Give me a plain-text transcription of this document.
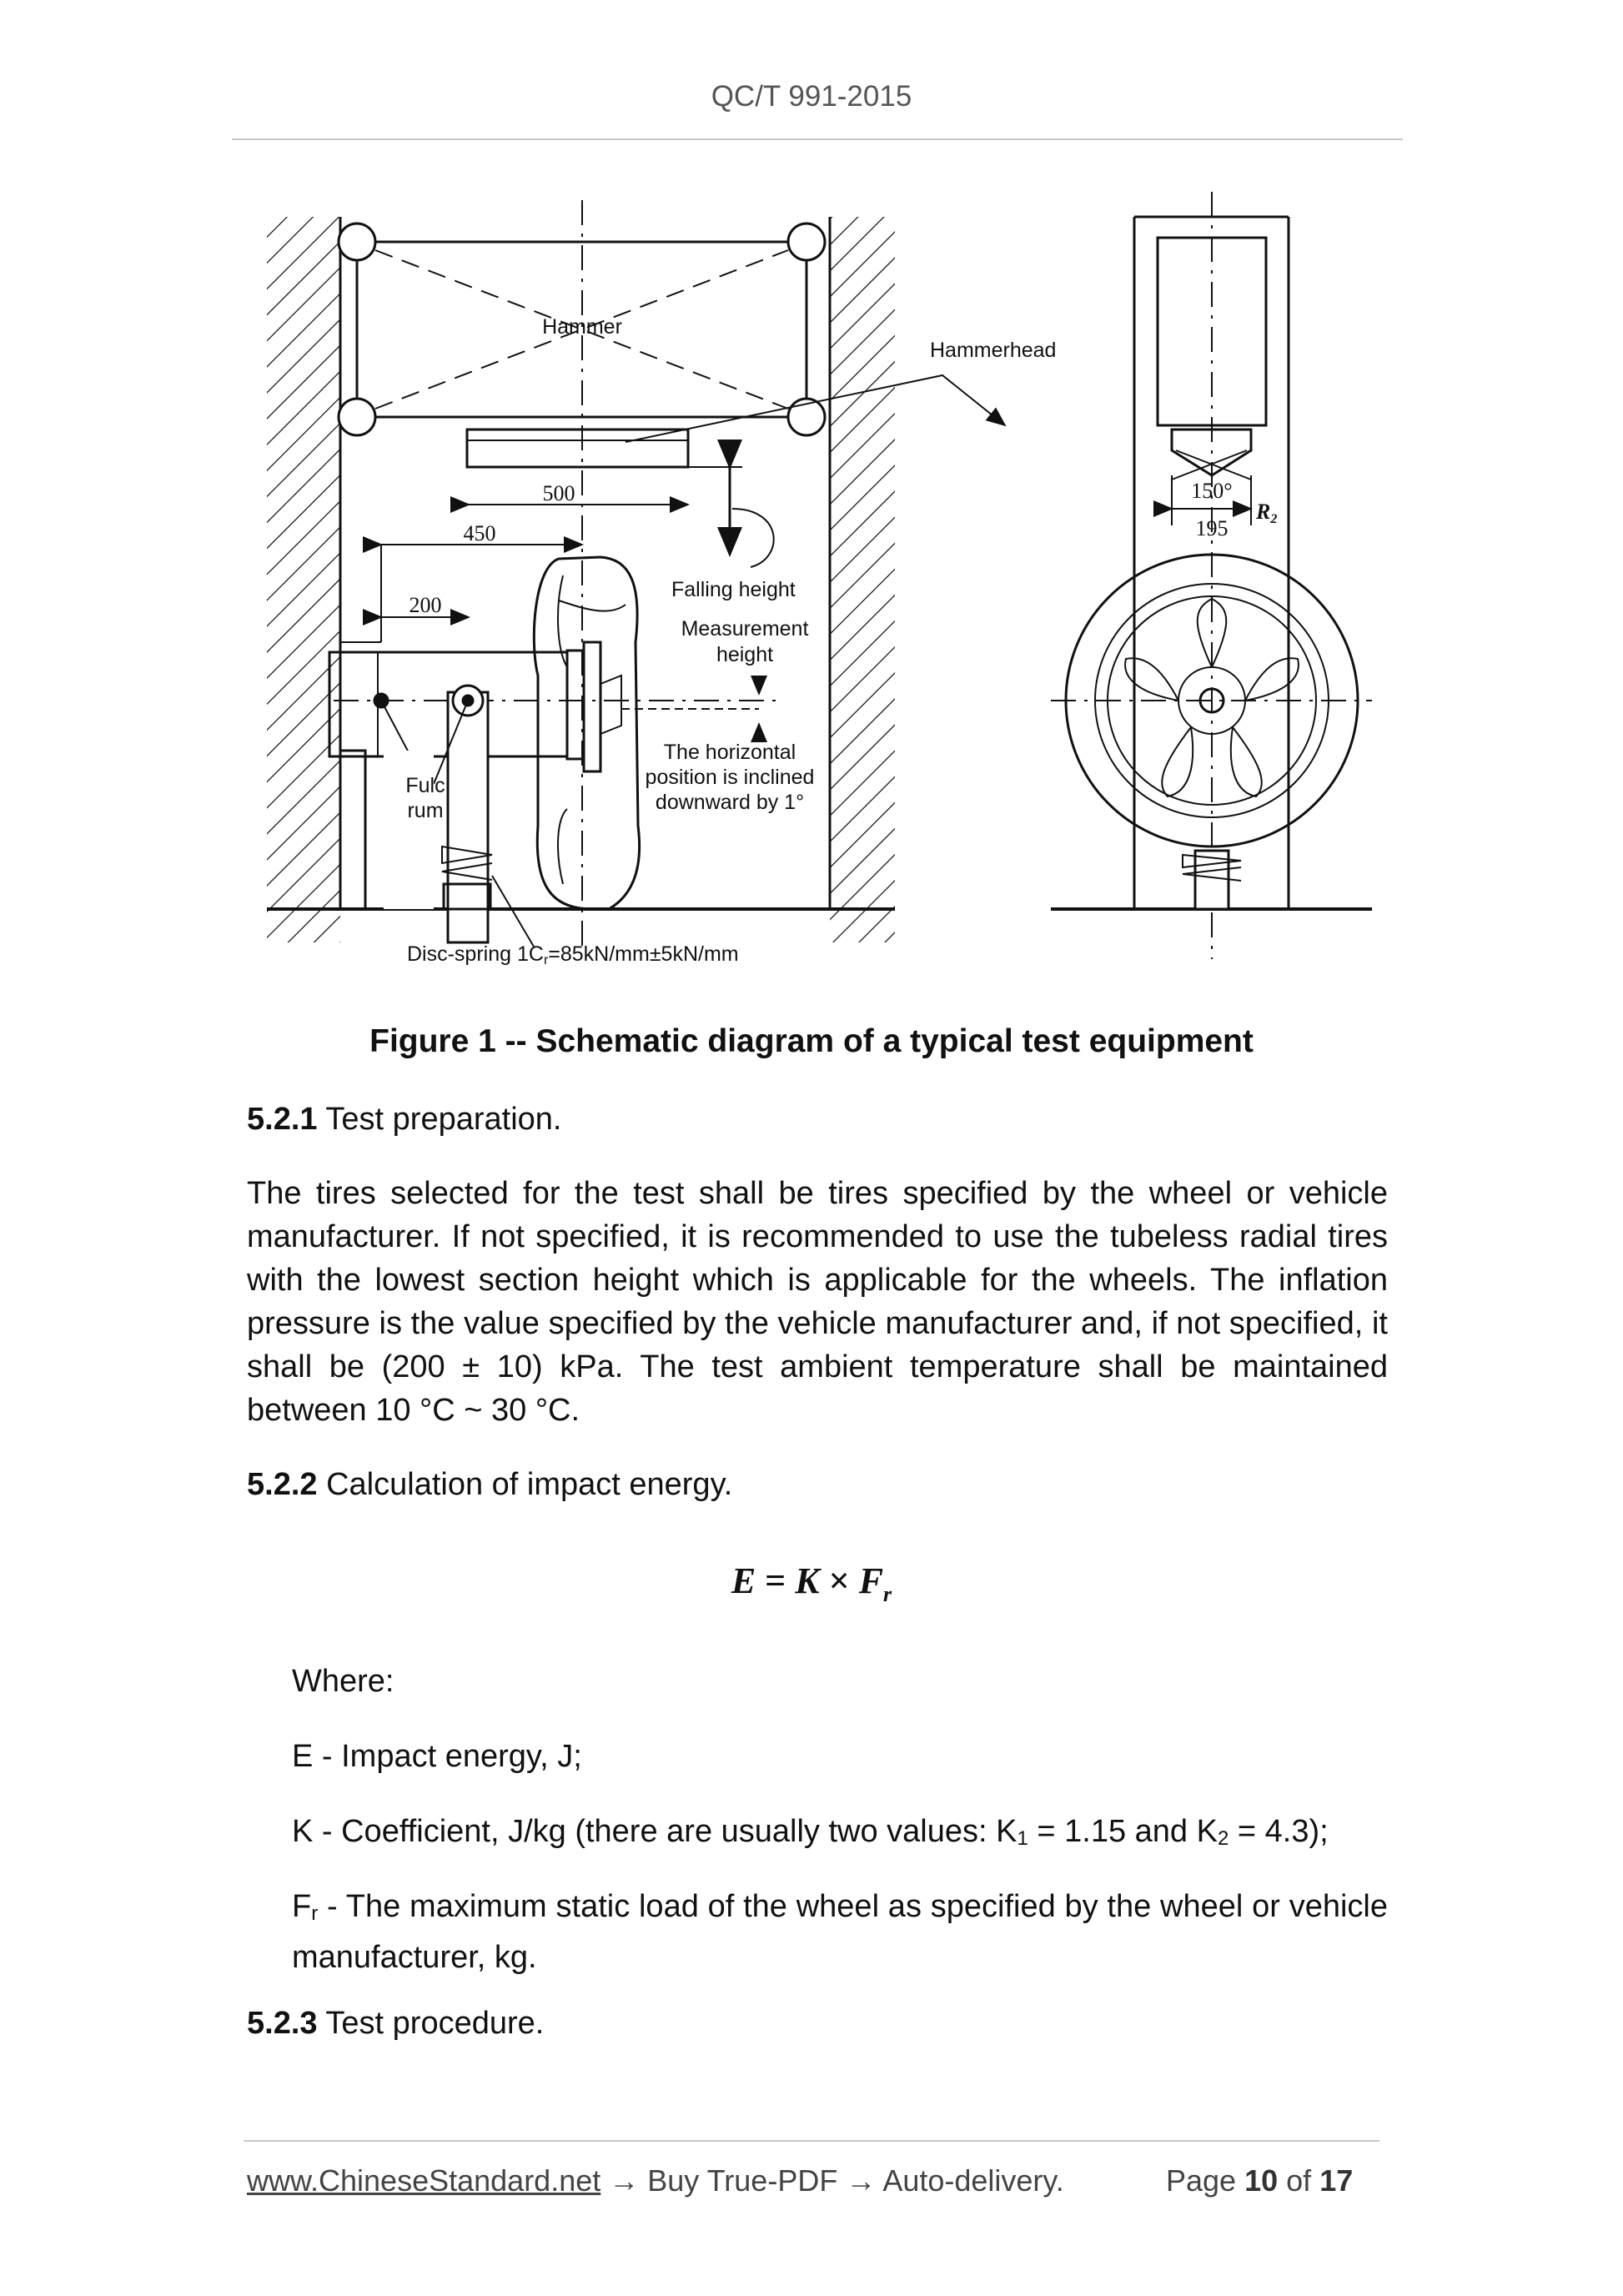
QC/T 991-2015
Hammer
Hammerhead
Falling height
Measurement
height
The horizontal
position is inclined
downward by 1°
Fulc
rum
Disc-spring 1Cr=85kN/mm±5kN/mm
500
450
200
150°
195
R2
Figure 1 -- Schematic diagram of a typical test equipment
5.2.1 Test preparation.
The tires selected for the test shall be tires specified by the wheel or vehicle manufacturer. If not specified, it is recommended to use the tubeless radial tires with the lowest section height which is applicable for the wheels. The inflation pressure is the value specified by the vehicle manufacturer and, if not specified, it shall be (200 ± 10) kPa. The test ambient temperature shall be maintained between 10 °C ~ 30 °C.
5.2.2 Calculation of impact energy.
$E = K \times F_r$
Where:
E - Impact energy, J;
K - Coefficient, J/kg (there are usually two values: $K_1 = 1.15$ and $K_2 = 4.3$);
$F_r$ - The maximum static load of the wheel as specified by the wheel or vehicle manufacturer, kg.
5.2.3 Test procedure.
www.ChineseStandard.net → Buy True-PDF → Auto-delivery.	Page 10 of 17
